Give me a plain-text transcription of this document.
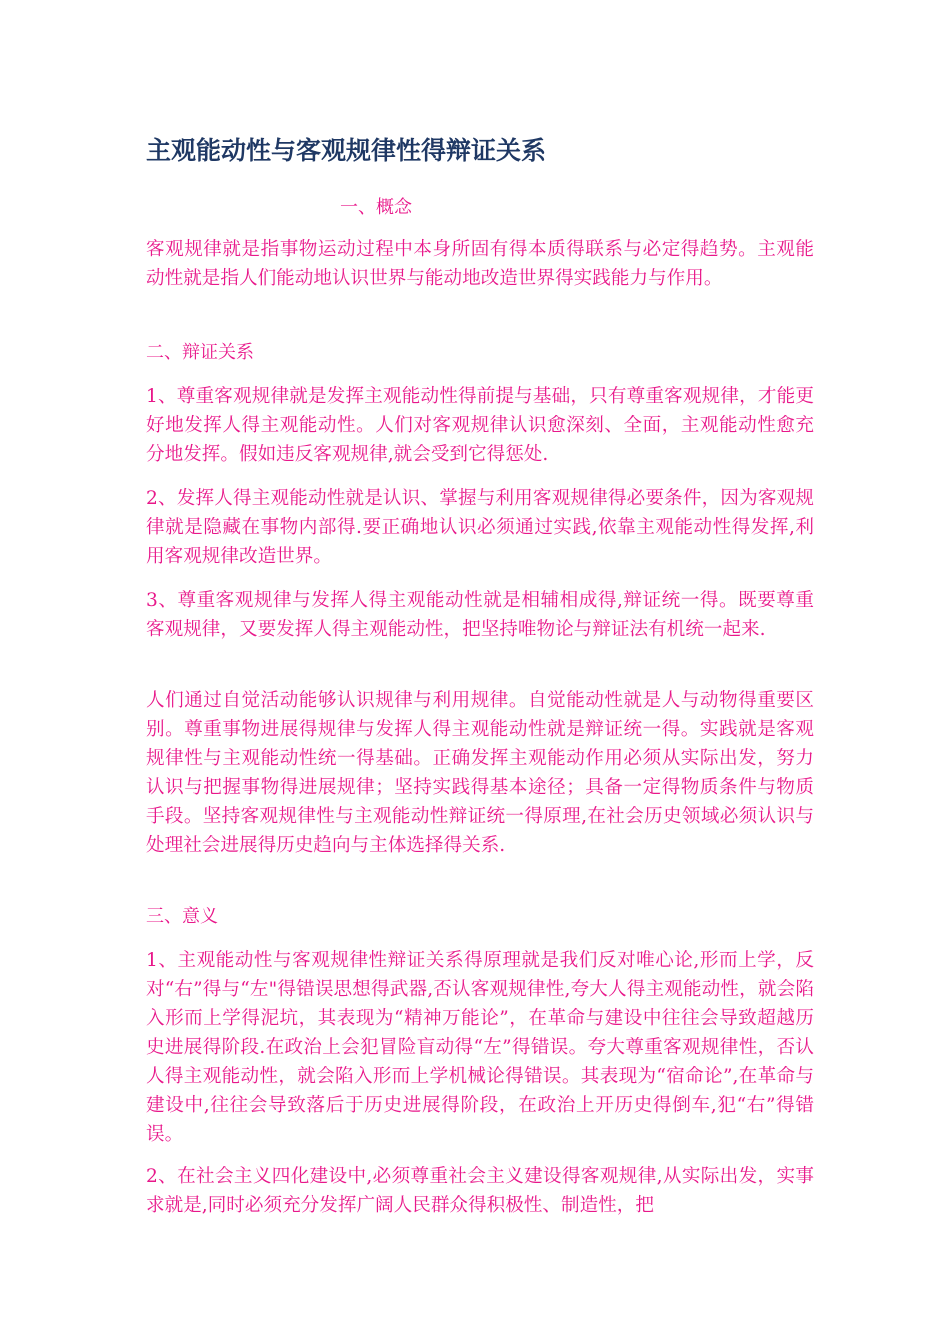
主观能动性与客观规律性得辩证关系
一、概念

客观规律就是指事物运动过程中本身所固有得本质得联系与必定得趋势。主观能动性就是指人们能动地认识世界与能动地改造世界得实践能力与作用。

二、辩证关系

1、尊重客观规律就是发挥主观能动性得前提与基础，只有尊重客观规律，才能更好地发挥人得主观能动性。人们对客观规律认识愈深刻、全面，主观能动性愈充分地发挥。假如违反客观规律,就会受到它得惩处.

2、发挥人得主观能动性就是认识、掌握与利用客观规律得必要条件，因为客观规律就是隐藏在事物内部得.要正确地认识必须通过实践,依靠主观能动性得发挥,利用客观规律改造世界。

3、尊重客观规律与发挥人得主观能动性就是相辅相成得,辩证统一得。既要尊重客观规律，又要发挥人得主观能动性，把坚持唯物论与辩证法有机统一起来.

人们通过自觉活动能够认识规律与利用规律。自觉能动性就是人与动物得重要区别。尊重事物进展得规律与发挥人得主观能动性就是辩证统一得。实践就是客观规律性与主观能动性统一得基础。正确发挥主观能动作用必须从实际出发，努力认识与把握事物得进展规律；坚持实践得基本途径；具备一定得物质条件与物质手段。坚持客观规律性与主观能动性辩证统一得原理,在社会历史领域必须认识与处理社会进展得历史趋向与主体选择得关系.

三、意义

1、主观能动性与客观规律性辩证关系得原理就是我们反对唯心论,形而上学，反对“右”得与“左"得错误思想得武器,否认客观规律性,夸大人得主观能动性，就会陷入形而上学得泥坑，其表现为“精神万能论”，在革命与建设中往往会导致超越历史进展得阶段.在政治上会犯冒险盲动得“左”得错误。夸大尊重客观规律性，否认人得主观能动性，就会陷入形而上学机械论得错误。其表现为“宿命论”,在革命与建设中,往往会导致落后于历史进展得阶段，在政治上开历史得倒车,犯“右”得错误。

2、在社会主义四化建设中,必须尊重社会主义建设得客观规律,从实际出发，实事求就是,同时必须充分发挥广阔人民群众得积极性、制造性，把
